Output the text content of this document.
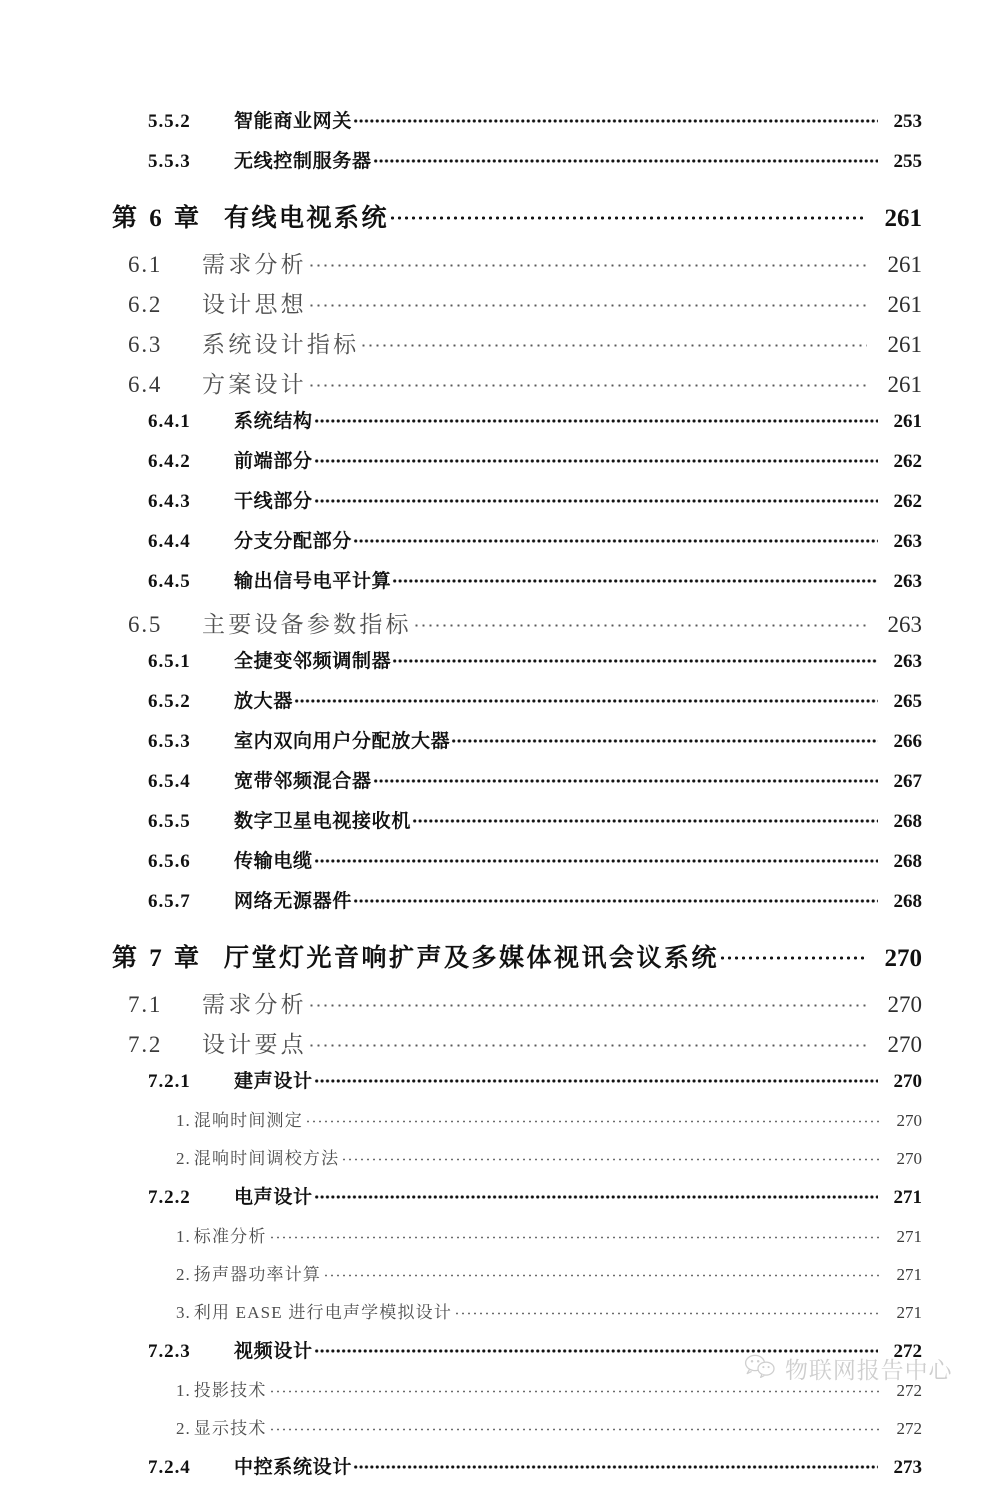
5.5.2	智能商业网关	253
5.5.3	无线控制服务器	255
第 6 章 有线电视系统	261
6.1	需求分析	261
6.2	设计思想	261
6.3	系统设计指标	261
6.4	方案设计	261
6.4.1	系统结构	261
6.4.2	前端部分	262
6.4.3	干线部分	262
6.4.4	分支分配部分	263
6.4.5	输出信号电平计算	263
6.5	主要设备参数指标	263
6.5.1	全捷变邻频调制器	263
6.5.2	放大器	265
6.5.3	室内双向用户分配放大器	266
6.5.4	宽带邻频混合器	267
6.5.5	数字卫星电视接收机	268
6.5.6	传输电缆	268
6.5.7	网络无源器件	268
第 7 章 厅堂灯光音响扩声及多媒体视讯会议系统	270
7.1	需求分析	270
7.2	设计要点	270
7.2.1	建声设计	270
1. 混响时间测定	270
2. 混响时间调校方法	270
7.2.2	电声设计	271
1. 标准分析	271
2. 扬声器功率计算	271
3. 利用 EASE 进行电声学模拟设计	271
7.2.3	视频设计	272
1. 投影技术	272
2. 显示技术	272
7.2.4	中控系统设计	273
物联网报告中心
